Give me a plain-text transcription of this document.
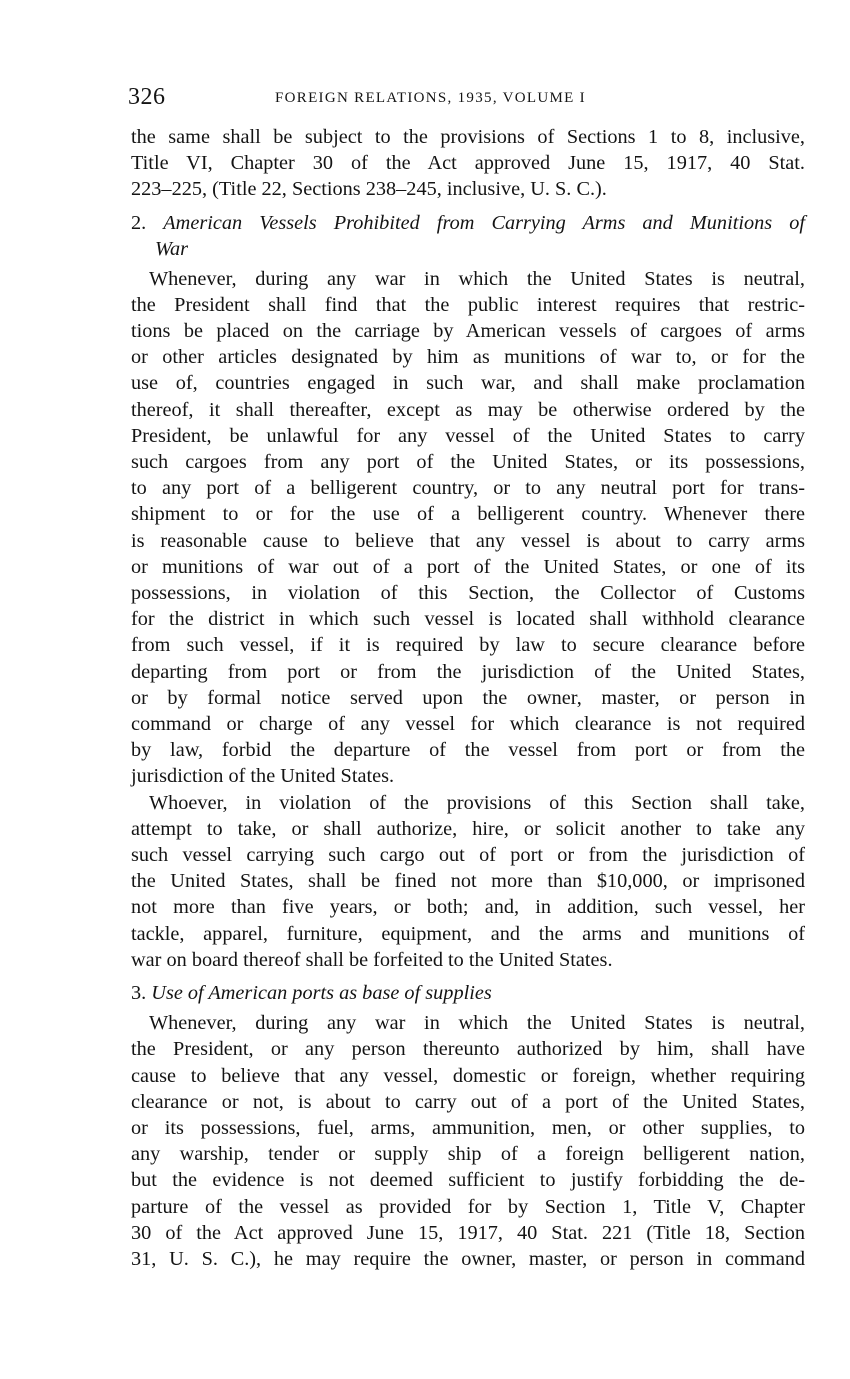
326	FOREIGN RELATIONS, 1935, VOLUME I

the same shall be subject to the provisions of Sections 1 to 8, inclusive,
Title VI, Chapter 30 of the Act approved June 15, 1917, 40 Stat.
223–225, (Title 22, Sections 238–245, inclusive, U. S. C.).

2. American Vessels Prohibited from Carrying Arms and Munitions of
War

Whenever, during any war in which the United States is neutral,
the President shall find that the public interest requires that restric-
tions be placed on the carriage by American vessels of cargoes of arms
or other articles designated by him as munitions of war to, or for the
use of, countries engaged in such war, and shall make proclamation
thereof, it shall thereafter, except as may be otherwise ordered by the
President, be unlawful for any vessel of the United States to carry
such cargoes from any port of the United States, or its possessions,
to any port of a belligerent country, or to any neutral port for trans-
shipment to or for the use of a belligerent country. Whenever there
is reasonable cause to believe that any vessel is about to carry arms
or munitions of war out of a port of the United States, or one of its
possessions, in violation of this Section, the Collector of Customs
for the district in which such vessel is located shall withhold clearance
from such vessel, if it is required by law to secure clearance before
departing from port or from the jurisdiction of the United States,
or by formal notice served upon the owner, master, or person in
command or charge of any vessel for which clearance is not required
by law, forbid the departure of the vessel from port or from the
jurisdiction of the United States.

Whoever, in violation of the provisions of this Section shall take,
attempt to take, or shall authorize, hire, or solicit another to take any
such vessel carrying such cargo out of port or from the jurisdiction of
the United States, shall be fined not more than $10,000, or imprisoned
not more than five years, or both; and, in addition, such vessel, her
tackle, apparel, furniture, equipment, and the arms and munitions of
war on board thereof shall be forfeited to the United States.

3. Use of American ports as base of supplies

Whenever, during any war in which the United States is neutral,
the President, or any person thereunto authorized by him, shall have
cause to believe that any vessel, domestic or foreign, whether requiring
clearance or not, is about to carry out of a port of the United States,
or its possessions, fuel, arms, ammunition, men, or other supplies, to
any warship, tender or supply ship of a foreign belligerent nation,
but the evidence is not deemed sufficient to justify forbidding the de-
parture of the vessel as provided for by Section 1, Title V, Chapter
30 of the Act approved June 15, 1917, 40 Stat. 221 (Title 18, Section
31, U. S. C.), he may require the owner, master, or person in command
